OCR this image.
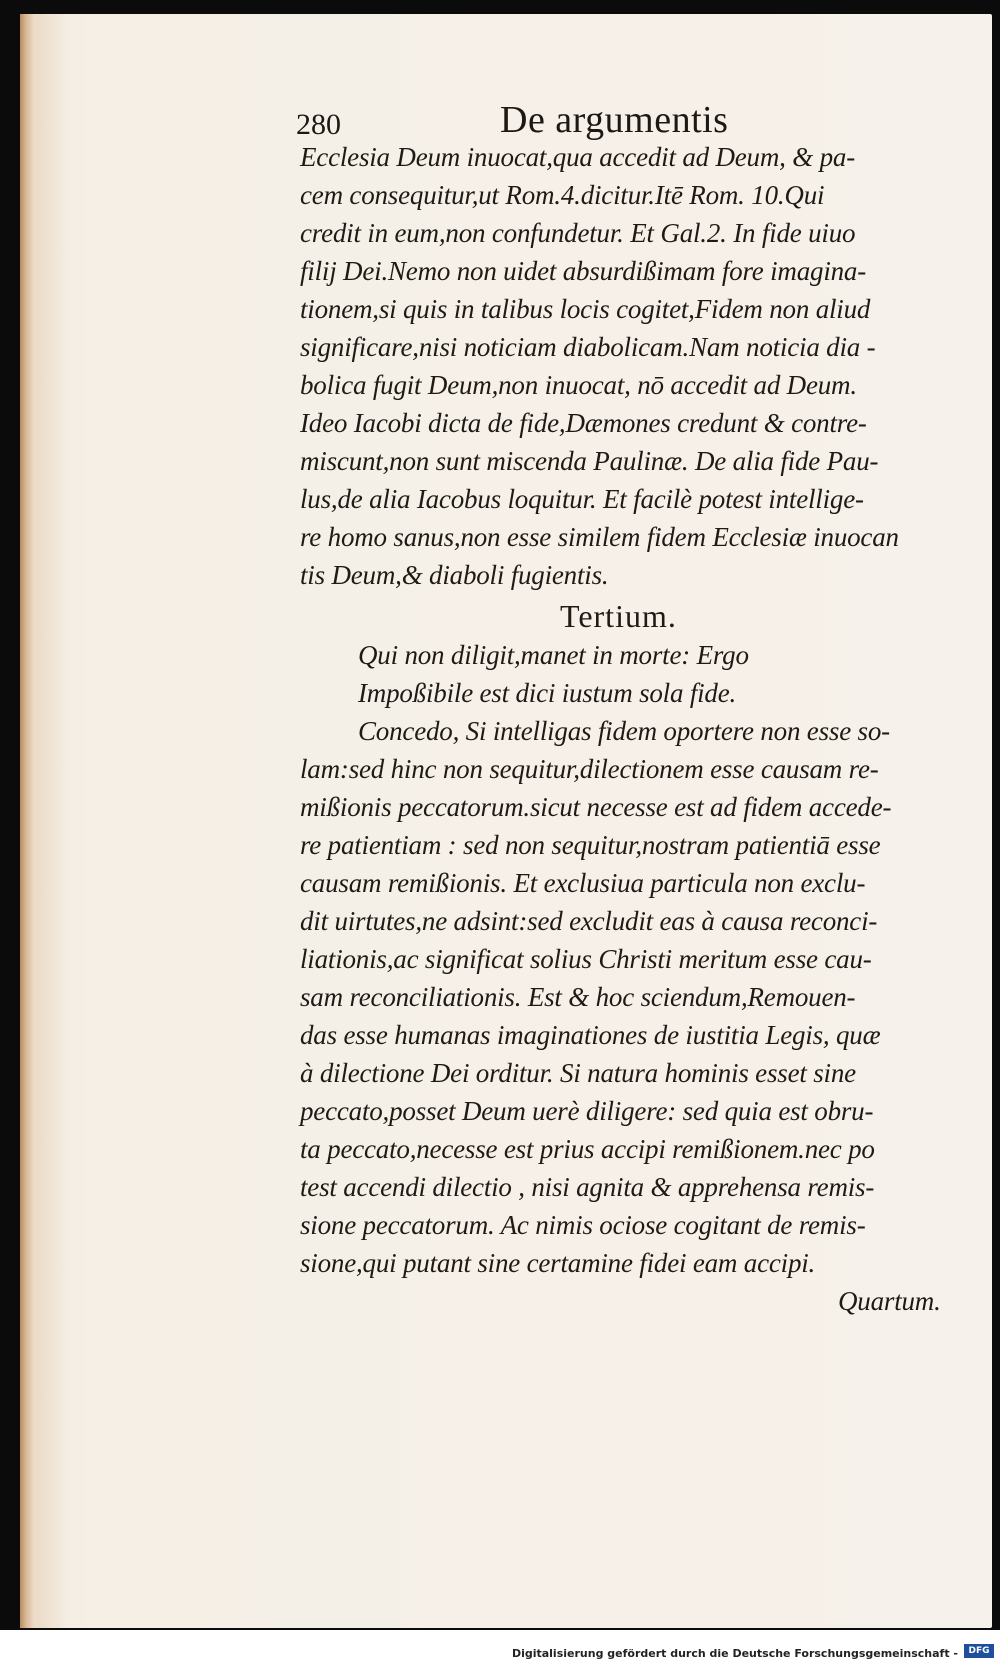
280	De argumentis
Ecclesia Deum inuocat,qua accedit ad Deum, & pa-
cem consequitur,ut Rom.4.dicitur.Itē Rom. 10.Qui
credit in eum,non confundetur. Et Gal.2. In fide uiuo
filij Dei.Nemo non uidet absurdißimam fore imagina-
tionem,si quis in talibus locis cogitet,Fidem non aliud
significare,nisi noticiam diabolicam.Nam noticia dia -
bolica fugit Deum,non inuocat, nō accedit ad Deum.
Ideo Iacobi dicta de fide,Dæmones credunt & contre-
miscunt,non sunt miscenda Paulinæ. De alia fide Pau-
lus,de alia Iacobus loquitur. Et facilè potest intellige-
re homo sanus,non esse similem fidem Ecclesiæ inuocan
tis Deum,& diaboli fugientis.
Tertium.
Qui non diligit,manet in morte: Ergo
Impoßibile est dici iustum sola fide.
Concedo, Si intelligas fidem oportere non esse so-
lam:sed hinc non sequitur,dilectionem esse causam re-
mißionis peccatorum.sicut necesse est ad fidem accede-
re patientiam : sed non sequitur,nostram patientiā esse
causam remißionis. Et exclusiua particula non exclu-
dit uirtutes,ne adsint:sed excludit eas à causa reconci-
liationis,ac significat solius Christi meritum esse cau-
sam reconciliationis. Est & hoc sciendum,Remouen-
das esse humanas imaginationes de iustitia Legis, quæ
à dilectione Dei orditur. Si natura hominis esset sine
peccato,posset Deum uerè diligere: sed quia est obru-
ta peccato,necesse est prius accipi remißionem.nec po
test accendi dilectio , nisi agnita & apprehensa remis-
sione peccatorum. Ac nimis ociose cogitant de remis-
sione,qui putant sine certamine fidei eam accipi.
Quartum.
Digitalisierung gefördert durch die Deutsche Forschungsgemeinschaft -	DFG
